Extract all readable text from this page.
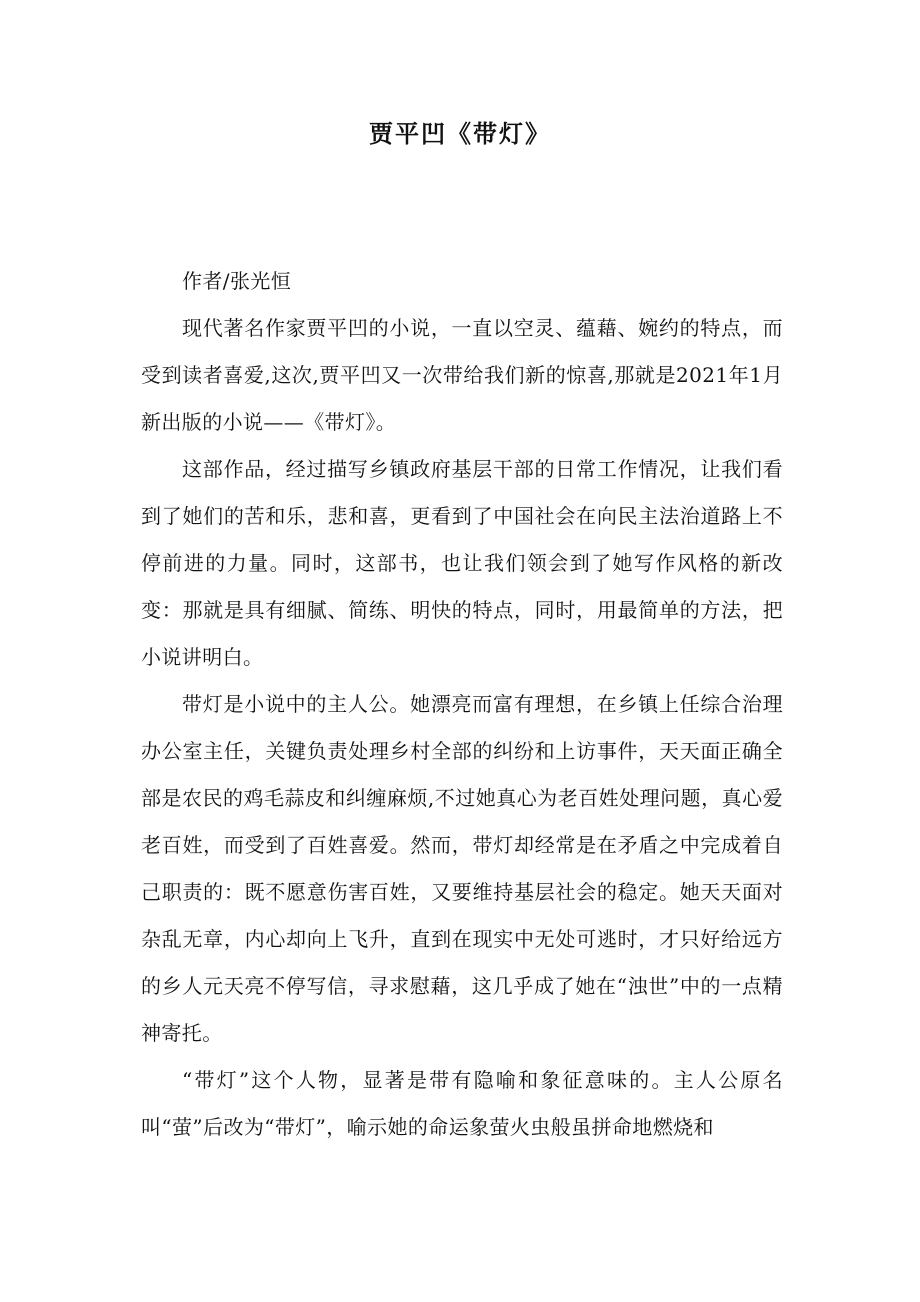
贾平凹《带灯》

作者/张光恒

现代著名作家贾平凹的小说，一直以空灵、蕴藉、婉约的特点，而受到读者喜爱,这次,贾平凹又一次带给我们新的惊喜,那就是2021年1月新出版的小说——《带灯》。

这部作品，经过描写乡镇政府基层干部的日常工作情况，让我们看到了她们的苦和乐，悲和喜，更看到了中国社会在向民主法治道路上不停前进的力量。同时，这部书，也让我们领会到了她写作风格的新改变：那就是具有细腻、简练、明快的特点，同时，用最简单的方法，把小说讲明白。

带灯是小说中的主人公。她漂亮而富有理想，在乡镇上任综合治理办公室主任，关键负责处理乡村全部的纠纷和上访事件，天天面正确全部是农民的鸡毛蒜皮和纠缠麻烦,不过她真心为老百姓处理问题，真心爱老百姓，而受到了百姓喜爱。然而，带灯却经常是在矛盾之中完成着自己职责的：既不愿意伤害百姓，又要维持基层社会的稳定。她天天面对杂乱无章，内心却向上飞升，直到在现实中无处可逃时，才只好给远方的乡人元天亮不停写信，寻求慰藉，这几乎成了她在“浊世”中的一点精神寄托。

“带灯”这个人物，显著是带有隐喻和象征意味的。主人公原名叫“萤”后改为“带灯”，喻示她的命运象萤火虫般虽拼命地燃烧和
